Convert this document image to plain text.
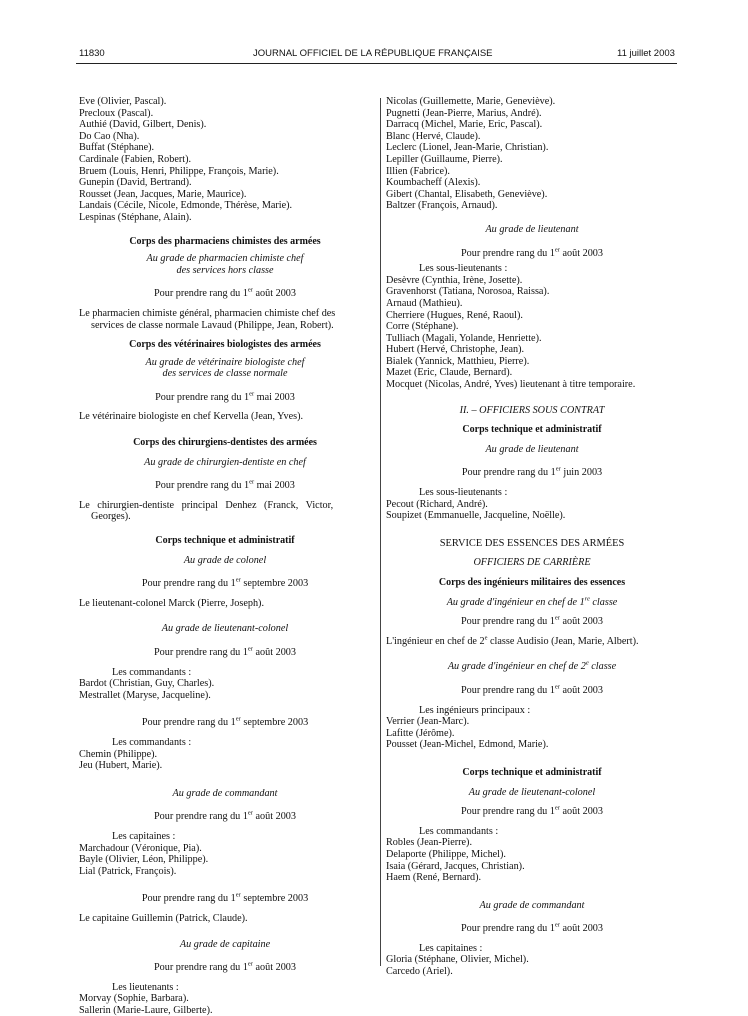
11830	JOURNAL OFFICIEL DE LA RÉPUBLIQUE FRANÇAISE	11 juillet 2003
Eve (Olivier, Pascal).
Precloux (Pascal).
Authié (David, Gilbert, Denis).
Do Cao (Nha).
Buffat (Stéphane).
Cardinale (Fabien, Robert).
Bruem (Louis, Henri, Philippe, François, Marie).
Gunepin (David, Bertrand).
Rousset (Jean, Jacques, Marie, Maurice).
Landais (Cécile, Nicole, Edmonde, Thérèse, Marie).
Lespinas (Stéphane, Alain).
Corps des pharmaciens chimistes des armées
Au grade de pharmacien chimiste chef
des services hors classe
Pour prendre rang du 1er août 2003
Le pharmacien chimiste général, pharmacien chimiste chef des
services de classe normale Lavaud (Philippe, Jean, Robert).
Corps des vétérinaires biologistes des armées
Au grade de vétérinaire biologiste chef
des services de classe normale
Pour prendre rang du 1er mai 2003
Le vétérinaire biologiste en chef Kervella (Jean, Yves).
Corps des chirurgiens-dentistes des armées
Au grade de chirurgien-dentiste en chef
Pour prendre rang du 1er mai 2003
Le chirurgien-dentiste principal Denhez (Franck, Victor,
Georges).
Corps technique et administratif
Au grade de colonel
Pour prendre rang du 1er septembre 2003
Le lieutenant-colonel Marck (Pierre, Joseph).
Au grade de lieutenant-colonel
Pour prendre rang du 1er août 2003
Les commandants :
Bardot (Christian, Guy, Charles).
Mestrallet (Maryse, Jacqueline).
Pour prendre rang du 1er septembre 2003
Les commandants :
Chemin (Philippe).
Jeu (Hubert, Marie).
Au grade de commandant
Pour prendre rang du 1er août 2003
Les capitaines :
Marchadour (Véronique, Pia).
Bayle (Olivier, Léon, Philippe).
Lial (Patrick, François).
Pour prendre rang du 1er septembre 2003
Le capitaine Guillemin (Patrick, Claude).
Au grade de capitaine
Pour prendre rang du 1er août 2003
Les lieutenants :
Morvay (Sophie, Barbara).
Sallerin (Marie-Laure, Gilberte).
Nicolas (Guillemette, Marie, Geneviève).
Pugnetti (Jean-Pierre, Marius, André).
Darracq (Michel, Marie, Eric, Pascal).
Blanc (Hervé, Claude).
Leclerc (Lionel, Jean-Marie, Christian).
Lepiller (Guillaume, Pierre).
Illien (Fabrice).
Koumbacheff (Alexis).
Gibert (Chantal, Elisabeth, Geneviève).
Baltzer (François, Arnaud).
Au grade de lieutenant
Pour prendre rang du 1er août 2003
Les sous-lieutenants :
Desèvre (Cynthia, Irène, Josette).
Gravenhorst (Tatiana, Norosoa, Raissa).
Arnaud (Mathieu).
Cherriere (Hugues, René, Raoul).
Corre (Stéphane).
Tulliach (Magali, Yolande, Henriette).
Hubert (Hervé, Christophe, Jean).
Bialek (Yannick, Matthieu, Pierre).
Mazet (Eric, Claude, Bernard).
Mocquet (Nicolas, André, Yves) lieutenant à titre temporaire.
II. – OFFICIERS SOUS CONTRAT
Corps technique et administratif
Au grade de lieutenant
Pour prendre rang du 1er juin 2003
Les sous-lieutenants :
Pecout (Richard, André).
Soupizet (Emmanuelle, Jacqueline, Noëlle).
SERVICE DES ESSENCES DES ARMÉES
OFFICIERS DE CARRIÈRE
Corps des ingénieurs militaires des essences
Au grade d'ingénieur en chef de 1re classe
Pour prendre rang du 1er août 2003
L'ingénieur en chef de 2e classe Audisio (Jean, Marie, Albert).
Au grade d'ingénieur en chef de 2e classe
Pour prendre rang du 1er août 2003
Les ingénieurs principaux :
Verrier (Jean-Marc).
Lafitte (Jérôme).
Pousset (Jean-Michel, Edmond, Marie).
Corps technique et administratif
Au grade de lieutenant-colonel
Pour prendre rang du 1er août 2003
Les commandants :
Robles (Jean-Pierre).
Delaporte (Philippe, Michel).
Isaia (Gérard, Jacques, Christian).
Haem (René, Bernard).
Au grade de commandant
Pour prendre rang du 1er août 2003
Les capitaines :
Gloria (Stéphane, Olivier, Michel).
Carcedo (Ariel).
